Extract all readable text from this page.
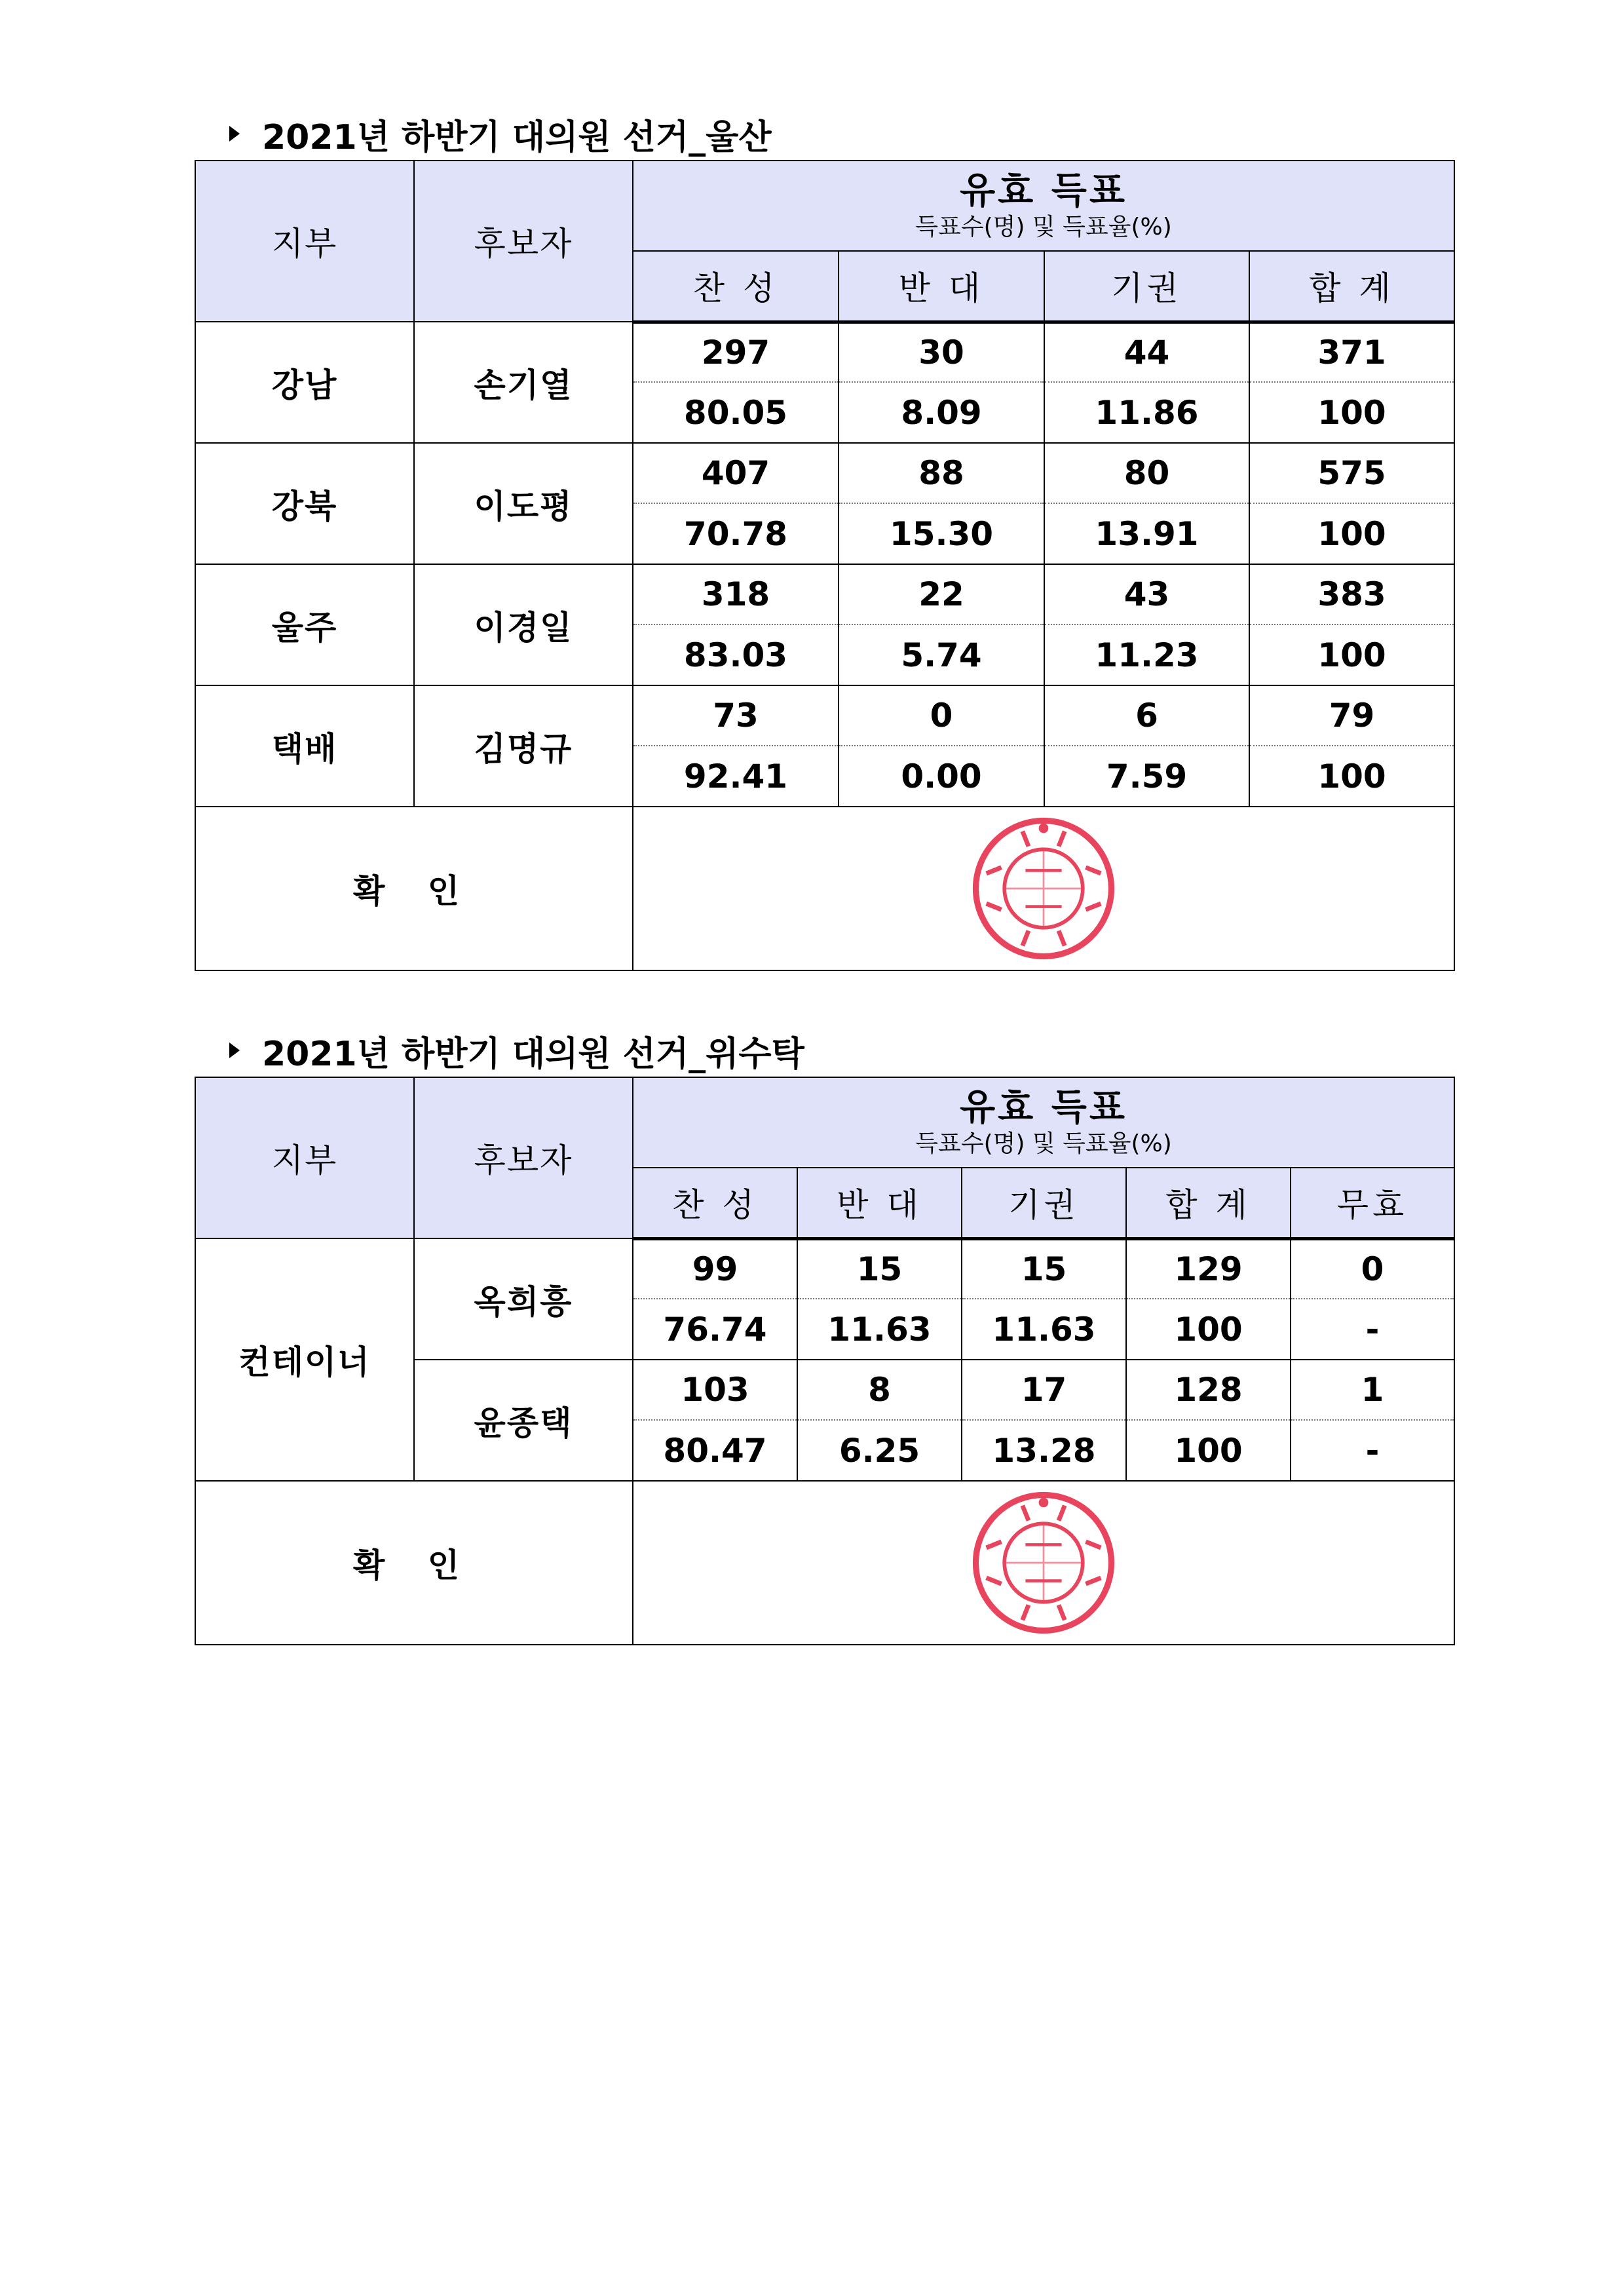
2021년 하반기 대의원 선거_울산
지부	후보자	유효 득표
득표수(명) 및 득표율(%)			

		찬 성	반 대	기권	합 계
강남	손기열	297	30	44	371
		80.05	8.09	11.86	100
강북	이도평	407	88	80	575
		70.78	15.30	13.91	100
울주	이경일	318	22	43	383
		83.03	5.74	11.23	100
택배	김명규	73	0	6	79
		92.41	0.00	7.59	100
확 인	
2021년 하반기 대의원 선거_위수탁
지부	후보자	유효 득표
득표수(명) 및 득표율(%)				

		찬 성	반 대	기권	합 계	무효
컨테이너	옥희흥	99	15	15	129	0
		76.74	11.63	11.63	100	-
	윤종택	103	8	17	128	1
		80.47	6.25	13.28	100	-
확 인	
